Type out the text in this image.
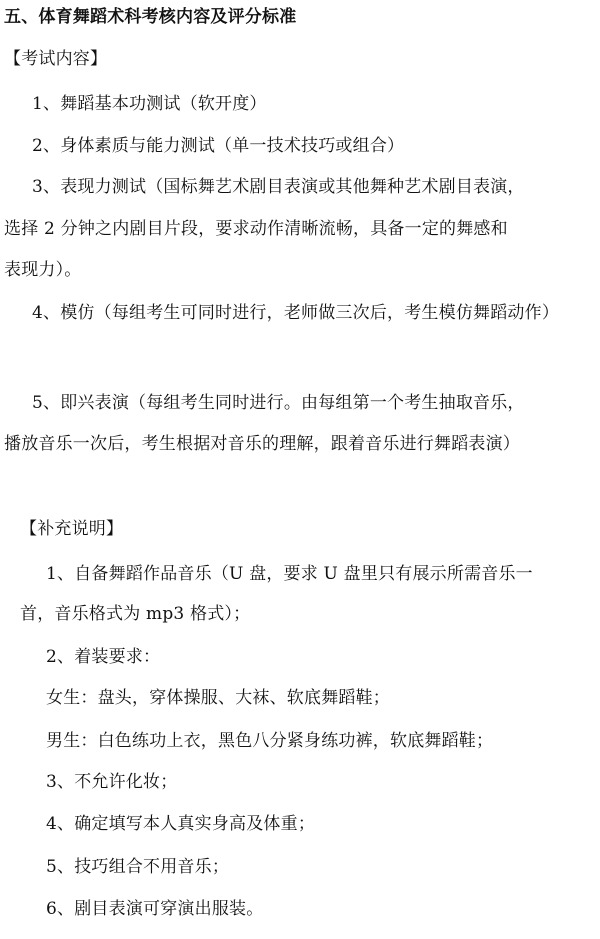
五、体育舞蹈术科考核内容及评分标准
【考试内容】
1、舞蹈基本功测试（软开度）
2、身体素质与能力测试（单一技术技巧或组合）
3、表现力测试（国标舞艺术剧目表演或其他舞种艺术剧目表演，
选择 2 分钟之内剧目片段，要求动作清晰流畅，具备一定的舞感和
表现力）。
4、模仿（每组考生可同时进行，老师做三次后，考生模仿舞蹈动作）
5、即兴表演（每组考生同时进行。由每组第一个考生抽取音乐，
播放音乐一次后，考生根据对音乐的理解，跟着音乐进行舞蹈表演）
【补充说明】
1、自备舞蹈作品音乐（U 盘，要求 U 盘里只有展示所需音乐一
首，音乐格式为 mp3 格式）；
2、着装要求：
女生：盘头，穿体操服、大袜、软底舞蹈鞋；
男生：白色练功上衣，黑色八分紧身练功裤，软底舞蹈鞋；
3、不允许化妆；
4、确定填写本人真实身高及体重；
5、技巧组合不用音乐；
6、剧目表演可穿演出服装。
